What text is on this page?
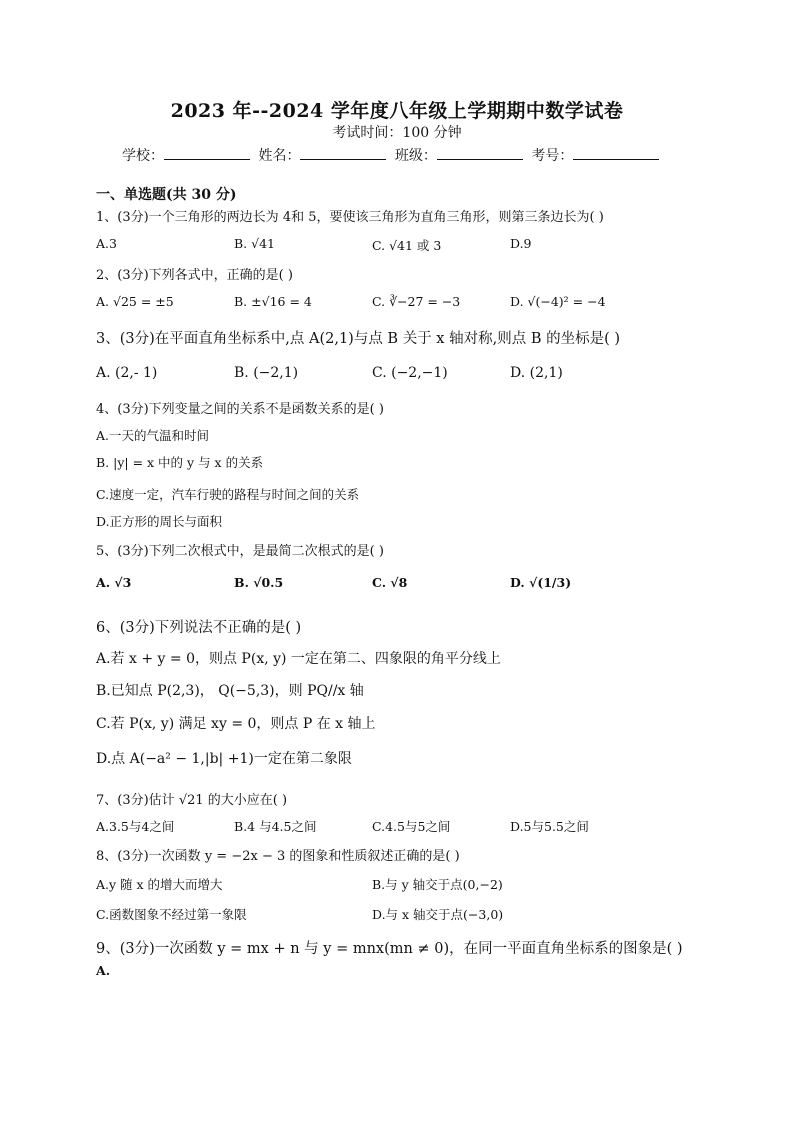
2023 年--2024 学年度八年级上学期期中数学试卷
考试时间：100 分钟
学校：	姓名：	班级：	考号：
一、单选题(共 30 分)
1、(3分)一个三角形的两边长为 4和 5，要使该三角形为直角三角形，则第三条边长为( )
A.3	B. √41	C. √41 或 3	D.9
2、(3分)下列各式中，正确的是( )
A. √25 = ±5	B. ±√16 = 4	C. ∛−27 = −3	D. √(−4)² = −4
3、(3分)在平面直角坐标系中,点 A(2,1)与点 B 关于 x 轴对称,则点 B 的坐标是( )
A. (2,- 1)	B. (−2,1)	C. (−2,−1)	D. (2,1)
4、(3分)下列变量之间的关系不是函数关系的是( )
A.一天的气温和时间
B. |y| = x 中的 y 与 x 的关系
C.速度一定，汽车行驶的路程与时间之间的关系
D.正方形的周长与面积
5、(3分)下列二次根式中，是最简二次根式的是( )
A. √3	B. √0.5	C. √8	D. √(1/3)
6、(3分)下列说法不正确的是( )
A.若 x + y = 0，则点 P(x, y) 一定在第二、四象限的角平分线上
B.已知点 P(2,3)， Q(−5,3)，则 PQ//x 轴
C.若 P(x, y) 满足 xy = 0，则点 P 在 x 轴上
D.点 A(−a² − 1,|b| +1)一定在第二象限
7、(3分)估计 √21 的大小应在( )
A.3.5与4之间	B.4 与4.5之间	C.4.5与5之间	D.5与5.5之间
8、(3分)一次函数 y = −2x − 3 的图象和性质叙述正确的是( )
A.y 随 x 的增大而增大	B.与 y 轴交于点(0,−2)
C.函数图象不经过第一象限	D.与 x 轴交于点(−3,0)
9、(3分)一次函数 y = mx + n 与 y = mnx(mn ≠ 0)，在同一平面直角坐标系的图象是( )
A.
